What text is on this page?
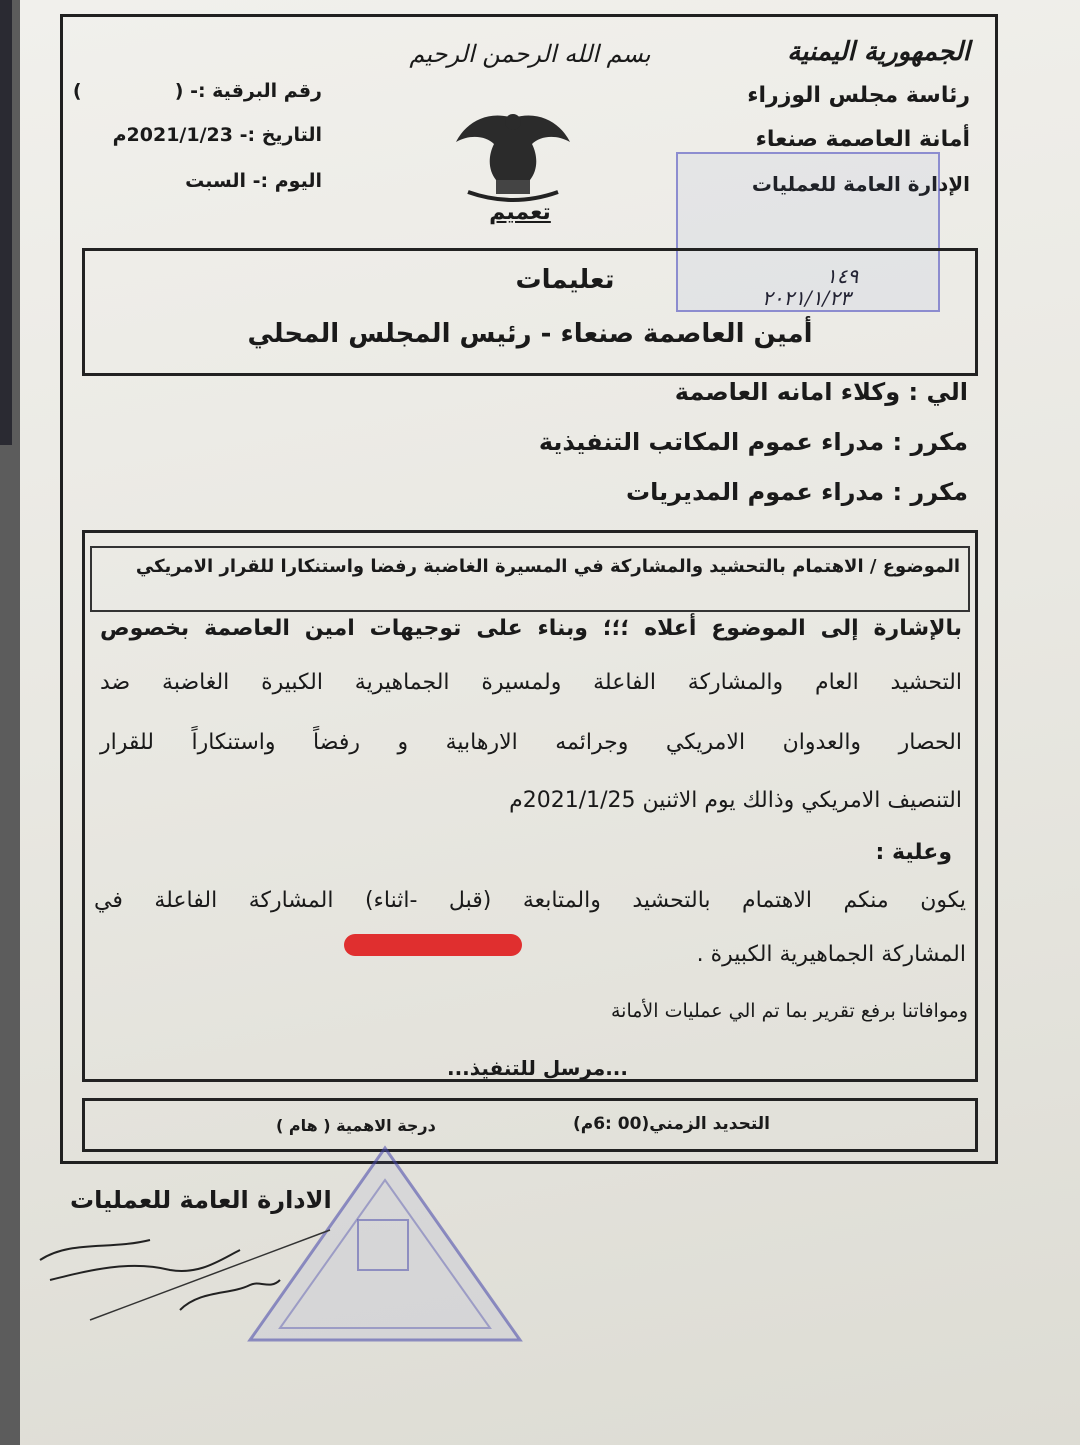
الجمهورية اليمنية
رئاسة مجلس الوزراء
أمانة العاصمة صنعاء
الإدارة العامة للعمليات
رقم البرقية :- (  )
التاريخ :- 2021/1/23م
اليوم :- السبت
بسم الله الرحمن الرحيم
تعميم
١٤٩
٢٠٢١/١/٢٣
تعليمات
أمين العاصمة صنعاء - رئيس المجلس المحلي
الي : وكلاء امانه العاصمة
مكرر : مدراء عموم المكاتب التنفيذية
مكرر : مدراء عموم المديريات
الموضوع / الاهتمام بالتحشيد والمشاركة في المسيرة الغاضبة رفضا واستنكارا للقرار الامريكي
بالإشارة إلى الموضوع أعلاه ؛؛؛ وبناء على توجيهات امين العاصمة بخصوص
التحشيد العام والمشاركة الفاعلة ولمسيرة الجماهيرية الكبيرة الغاضبة ضد
الحصار والعدوان الامريكي وجرائمه الارهابية و رفضاً واستنكاراً للقرار
التنصيف الامريكي وذالك يوم الاثنين 2021/1/25م
وعلية :
يكون منكم الاهتمام بالتحشيد والمتابعة (قبل -اثناء) المشاركة الفاعلة في
المشاركة الجماهيرية الكبيرة .
وموافاتنا برفع تقرير بما تم الي عمليات الأمانة
...مرسل للتنفيذ...
التحديد الزمني(00 :6م)
درجة الاهمية ( هام )
الادارة العامة للعمليات
